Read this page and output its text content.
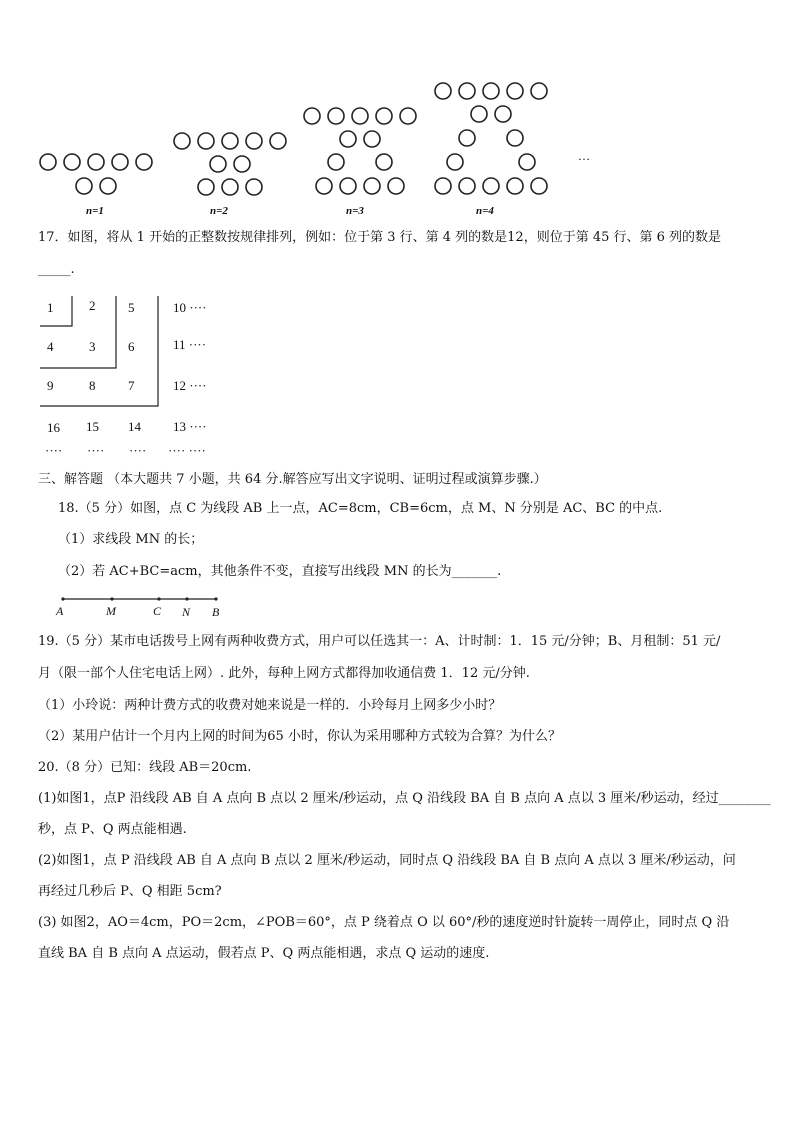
n=1	n=2	n=3	n=4
…
17．如图，将从 1 开始的正整数按规律排列，例如：位于第 3 行、第 4 列的数是12，则位于第 45 行、第 6 列的数是
_____.
1	2	5	10 ····
4	3	6	11 ····
9	8	7	12 ····
16 15 14 13 ····
···· ···· ···· ···· ····
三、解答题 （本大题共 7 小题，共 64 分.解答应写出文字说明、证明过程或演算步骤.）
18.（5 分）如图，点 C 为线段 AB 上一点，AC=8cm，CB=6cm，点 M、N 分别是 AC、BC 的中点.
（1）求线段 MN 的长；
（2）若 AC+BC=acm，其他条件不变，直接写出线段 MN 的长为_______.
A	M	C N B
19.（5 分）某市电话拨号上网有两种收费方式，用户可以任选其一：A、计时制：1．15 元/分钟；B、月租制：51 元/
月（限一部个人住宅电话上网）. 此外，每种上网方式都得加收通信费 1．12 元/分钟.
（1）小玲说：两种计费方式的收费对她来说是一样的．小玲每月上网多少小时？
（2）某用户估计一个月内上网的时间为65 小时，你认为采用哪种方式较为合算？为什么？
20.（8 分）已知：线段 AB＝20cm.
(1)如图1，点P 沿线段 AB 自 A 点向 B 点以 2 厘米/秒运动，点 Q 沿线段 BA 自 B 点向 A 点以 3 厘米/秒运动，经过________
秒，点 P、Q 两点能相遇.
(2)如图1，点 P 沿线段 AB 自 A 点向 B 点以 2 厘米/秒运动，同时点 Q 沿线段 BA 自 B 点向 A 点以 3 厘米/秒运动，问
再经过几秒后 P、Q 相距 5cm?
(3) 如图2，AO＝4cm，PO＝2cm，∠POB＝60°，点 P 绕着点 O 以 60°/秒的速度逆时针旋转一周停止，同时点 Q 沿
直线 BA 自 B 点向 A 点运动，假若点 P、Q 两点能相遇，求点 Q 运动的速度.
